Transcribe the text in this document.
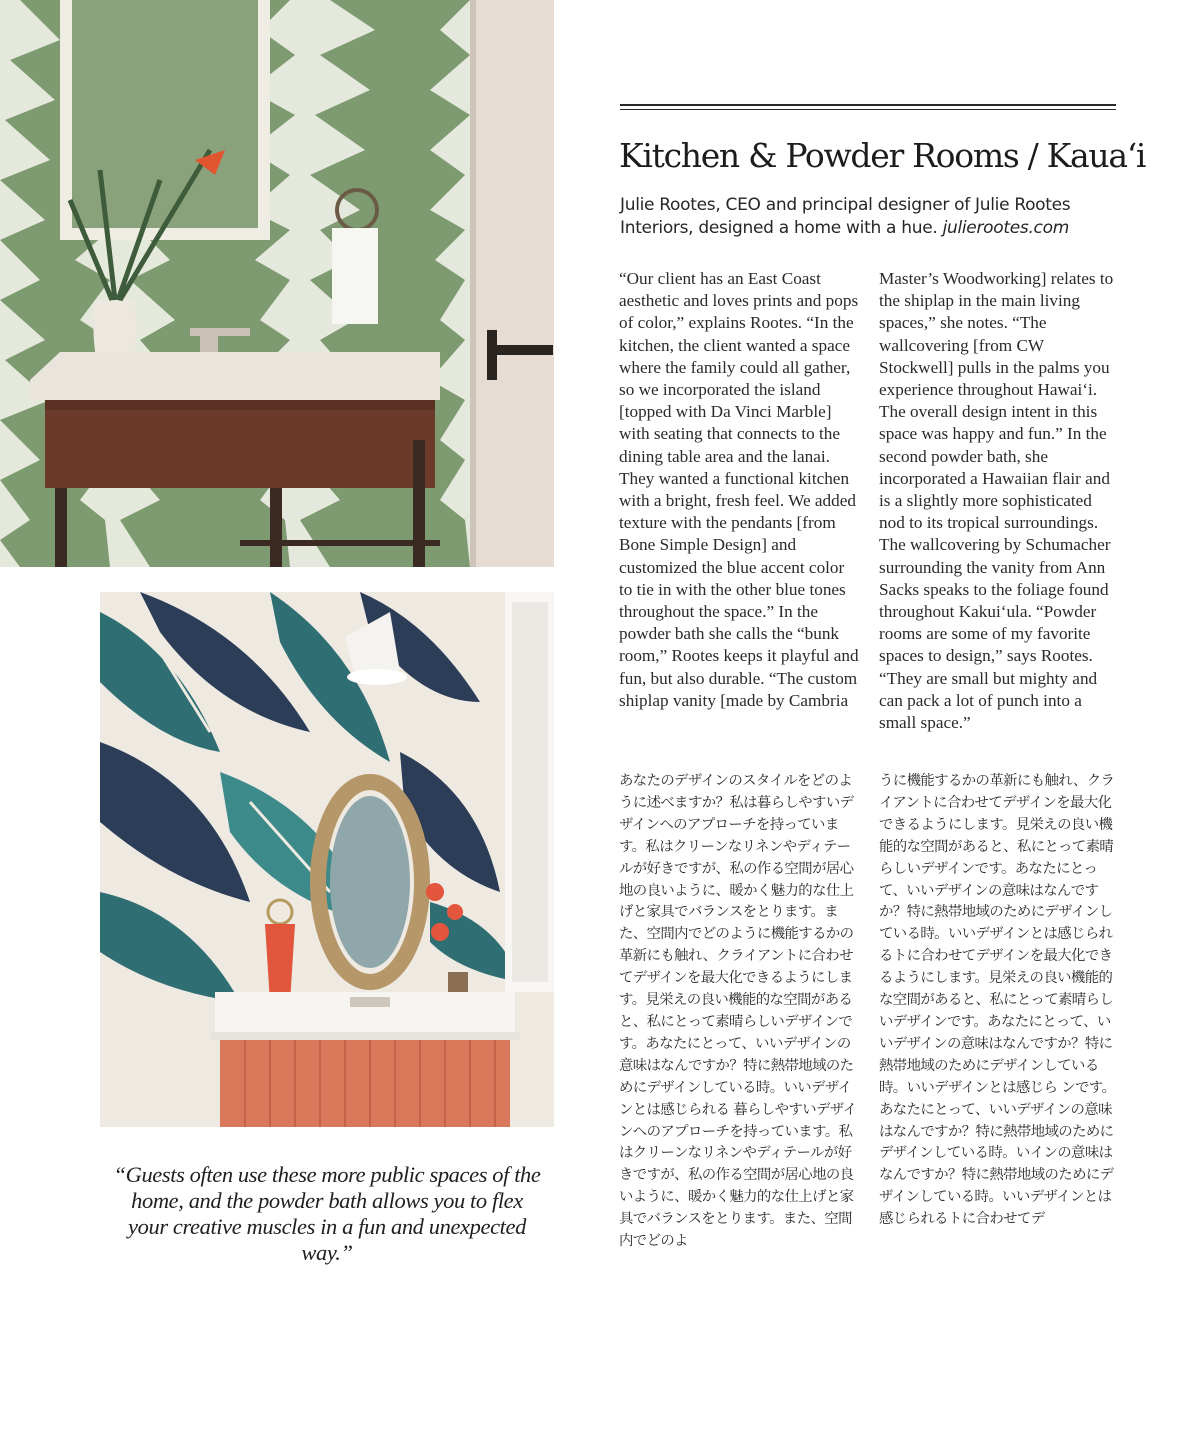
Kitchen & Powder Rooms / Kaua‘i

Julie Rootes, CEO and principal designer of Julie Rootes Interiors, designed a home with a hue. julierootes.com

“Our client has an East Coast aesthetic and loves prints and pops of color,” explains Rootes. “In the kitchen, the client wanted a space where the family could all gather, so we incorporated the island [topped with Da Vinci Marble] with seating that connects to the dining table area and the lanai. They wanted a functional kitchen with a bright, fresh feel. We added texture with the pendants [from Bone Simple Design] and customized the blue accent color to tie in with the other blue tones throughout the space.” In the powder bath she calls the “bunk room,” Rootes keeps it playful and fun, but also durable. “The custom shiplap vanity [made by Cambria

Master’s Woodworking] relates to the shiplap in the main living spaces,” she notes. “The wallcovering [from CW Stockwell] pulls in the palms you experience throughout Hawai‘i. The overall design intent in this space was happy and fun.” In the second powder bath, she incorporated a Hawaiian flair and is a slightly more sophisticated nod to its tropical surroundings. The wallcovering by Schumacher surrounding the vanity from Ann Sacks speaks to the foliage found throughout Kakui‘ula. “Powder rooms are some of my favorite spaces to design,” says Rootes. “They are small but mighty and can pack a lot of punch into a small space.”

あなたのデザインのスタイルをどのように述べますか？私は暮らしやすいデザインへのアプローチを持っています。私はクリーンなリネンやディテールが好きですが、私の作る空間が居心地の良いように、暖かく魅力的な仕上げと家具でバランスをとります。また、空間内でどのように機能するかの革新にも触れ、クライアントに合わせてデザインを最大化できるようにします。見栄えの良い機能的な空間があると、私にとって素晴らしいデザインです。あなたにとって、いいデザインの意味はなんですか？特に熱帯地域のためにデザインしている時。いいデザインとは感じられる 暮らしやすいデザインへのアプローチを持っています。私はクリーンなリネンやディテールが好きですが、私の作る空間が居心地の良いように、暖かく魅力的な仕上げと家具でバランスをとります。また、空間内でどのよ

うに機能するかの革新にも触れ、クライアントに合わせてデザインを最大化できるようにします。見栄えの良い機能的な空間があると、私にとって素晴らしいデザインです。あなたにとって、いいデザインの意味はなんですか？特に熱帯地域のためにデザインしている時。いいデザインとは感じられるトに合わせてデザインを最大化できるようにします。見栄えの良い機能的な空間があると、私にとって素晴らしいデザインです。あなたにとって、いいデザインの意味はなんですか？特に熱帯地域のためにデザインしている時。いいデザインとは感じら ンです。あなたにとって、いいデザインの意味はなんですか？特に熱帯地域のためにデザインしている時。いインの意味はなんですか？特に熱帯地域のためにデザインしている時。いいデザインとは感じられるトに合わせてデ

“Guests often use these more public spaces of the home, and the powder bath allows you to flex your creative muscles in a fun and unexpected way.”
